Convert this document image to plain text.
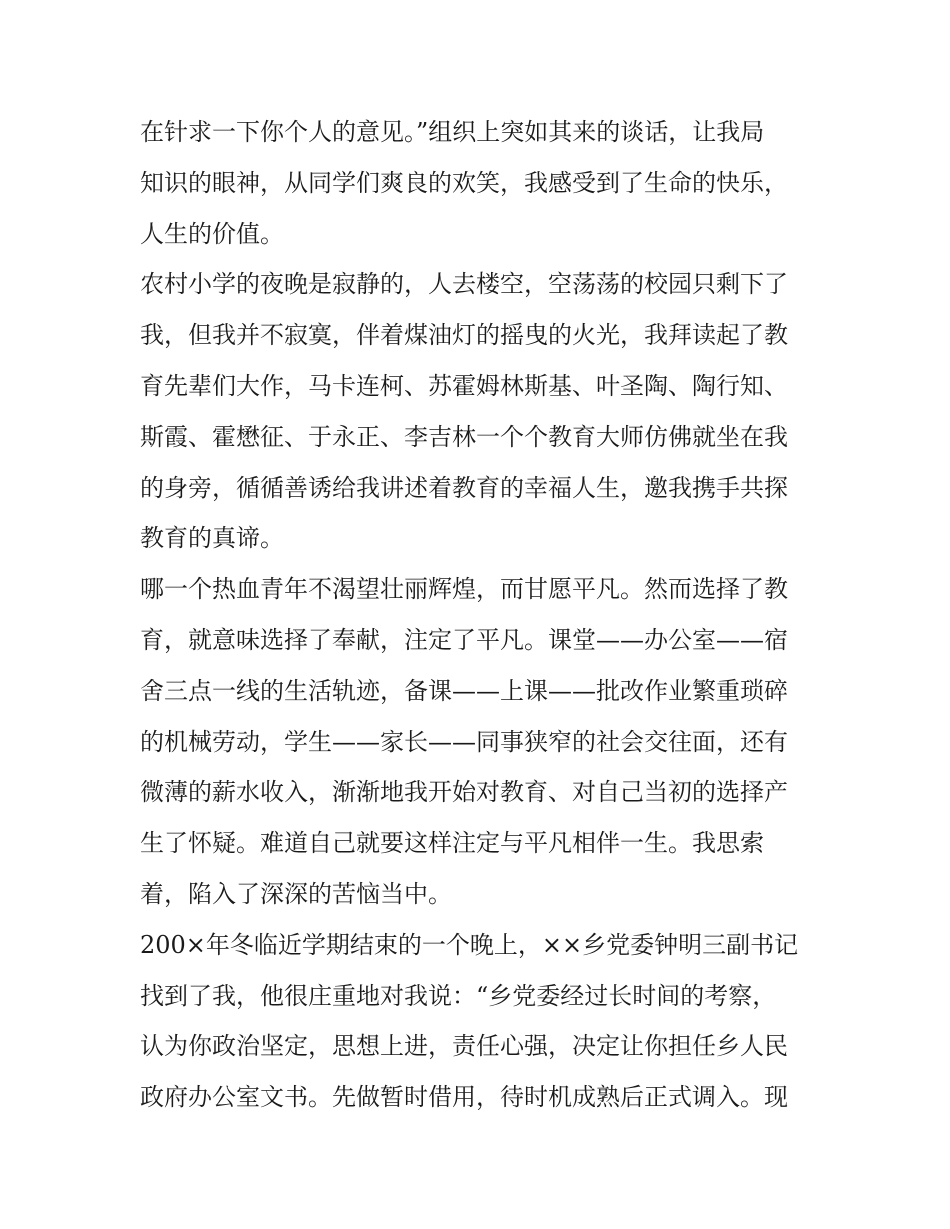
在针求一下你个人的意见。”组织上突如其来的谈话，让我局
知识的眼神，从同学们爽良的欢笑，我感受到了生命的快乐，
人生的价值。
农村小学的夜晚是寂静的，人去楼空，空荡荡的校园只剩下了
我，但我并不寂寞，伴着煤油灯的摇曳的火光，我拜读起了教
育先辈们大作，马卡连柯、苏霍姆林斯基、叶圣陶、陶行知、
斯霞、霍懋征、于永正、李吉林一个个教育大师仿佛就坐在我
的身旁，循循善诱给我讲述着教育的幸福人生，邀我携手共探
教育的真谛。
哪一个热血青年不渴望壮丽辉煌，而甘愿平凡。然而选择了教
育，就意味选择了奉献，注定了平凡。课堂——办公室——宿
舍三点一线的生活轨迹，备课——上课——批改作业繁重琐碎
的机械劳动，学生——家长——同事狭窄的社会交往面，还有
微薄的薪水收入，渐渐地我开始对教育、对自己当初的选择产
生了怀疑。难道自己就要这样注定与平凡相伴一生。我思索
着，陷入了深深的苦恼当中。
200×年冬临近学期结束的一个晚上，××乡党委钟明三副书记
找到了我，他很庄重地对我说：“乡党委经过长时间的考察，
认为你政治坚定，思想上进，责任心强，决定让你担任乡人民
政府办公室文书。先做暂时借用，待时机成熟后正式调入。现
